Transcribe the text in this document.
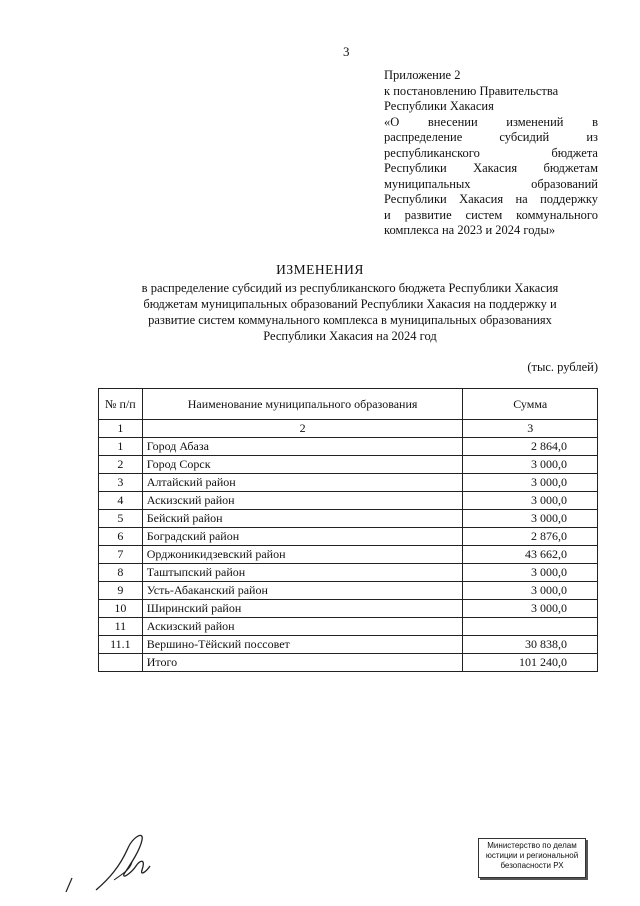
3
Приложение 2
к постановлению Правительства
Республики Хакасия
«О внесении изменений в
распределение субсидий из
республиканского бюджета
Республики Хакасия бюджетам
муниципальных образований
Республики Хакасия на поддержку
и развитие систем коммунального
комплекса на 2023 и 2024 годы»
ИЗМЕНЕНИЯ
в распределение субсидий из республиканского бюджета Республики Хакасия
бюджетам муниципальных образований Республики Хакасия на поддержку и
развитие систем коммунального комплекса в муниципальных образованиях
Республики Хакасия на 2024 год
(тыс. рублей)
№ п/п	Наименование муниципального образования	Сумма
1	2	3
1	Город Абаза	2 864,0
2	Город Сорск	3 000,0
3	Алтайский район	3 000,0
4	Аскизский район	3 000,0
5	Бейский район	3 000,0
6	Боградский район	2 876,0
7	Орджоникидзевский район	43 662,0
8	Таштыпский район	3 000,0
9	Усть-Абаканский район	3 000,0
10	Ширинский район	3 000,0
11	Аскизский район	
11.1	Вершино-Тёйский поссовет	30 838,0
	Итого	101 240,0
Министерство по делам
юстиции и региональной
безопасности РХ
